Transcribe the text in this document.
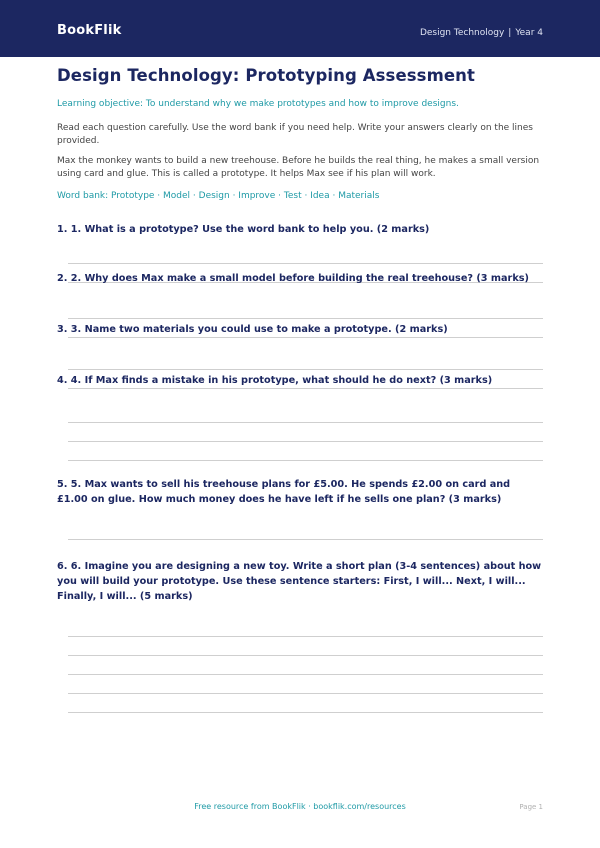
BookFlik	Design Technology | Year 4
Design Technology: Prototyping Assessment
Learning objective: To understand why we make prototypes and how to improve designs.
Read each question carefully. Use the word bank if you need help. Write your answers clearly on the lines provided.
Max the monkey wants to build a new treehouse. Before he builds the real thing, he makes a small version using card and glue. This is called a prototype. It helps Max see if his plan will work.
Word bank: Prototype · Model · Design · Improve · Test · Idea · Materials
1. 1. What is a prototype? Use the word bank to help you. (2 marks)
2. 2. Why does Max make a small model before building the real treehouse? (3 marks)
3. 3. Name two materials you could use to make a prototype. (2 marks)
4. 4. If Max finds a mistake in his prototype, what should he do next? (3 marks)
5. 5. Max wants to sell his treehouse plans for £5.00. He spends £2.00 on card and £1.00 on glue. How much money does he have left if he sells one plan? (3 marks)
6. 6. Imagine you are designing a new toy. Write a short plan (3-4 sentences) about how you will build your prototype. Use these sentence starters: First, I will... Next, I will... Finally, I will... (5 marks)
Free resource from BookFlik · bookflik.com/resources	Page 1
